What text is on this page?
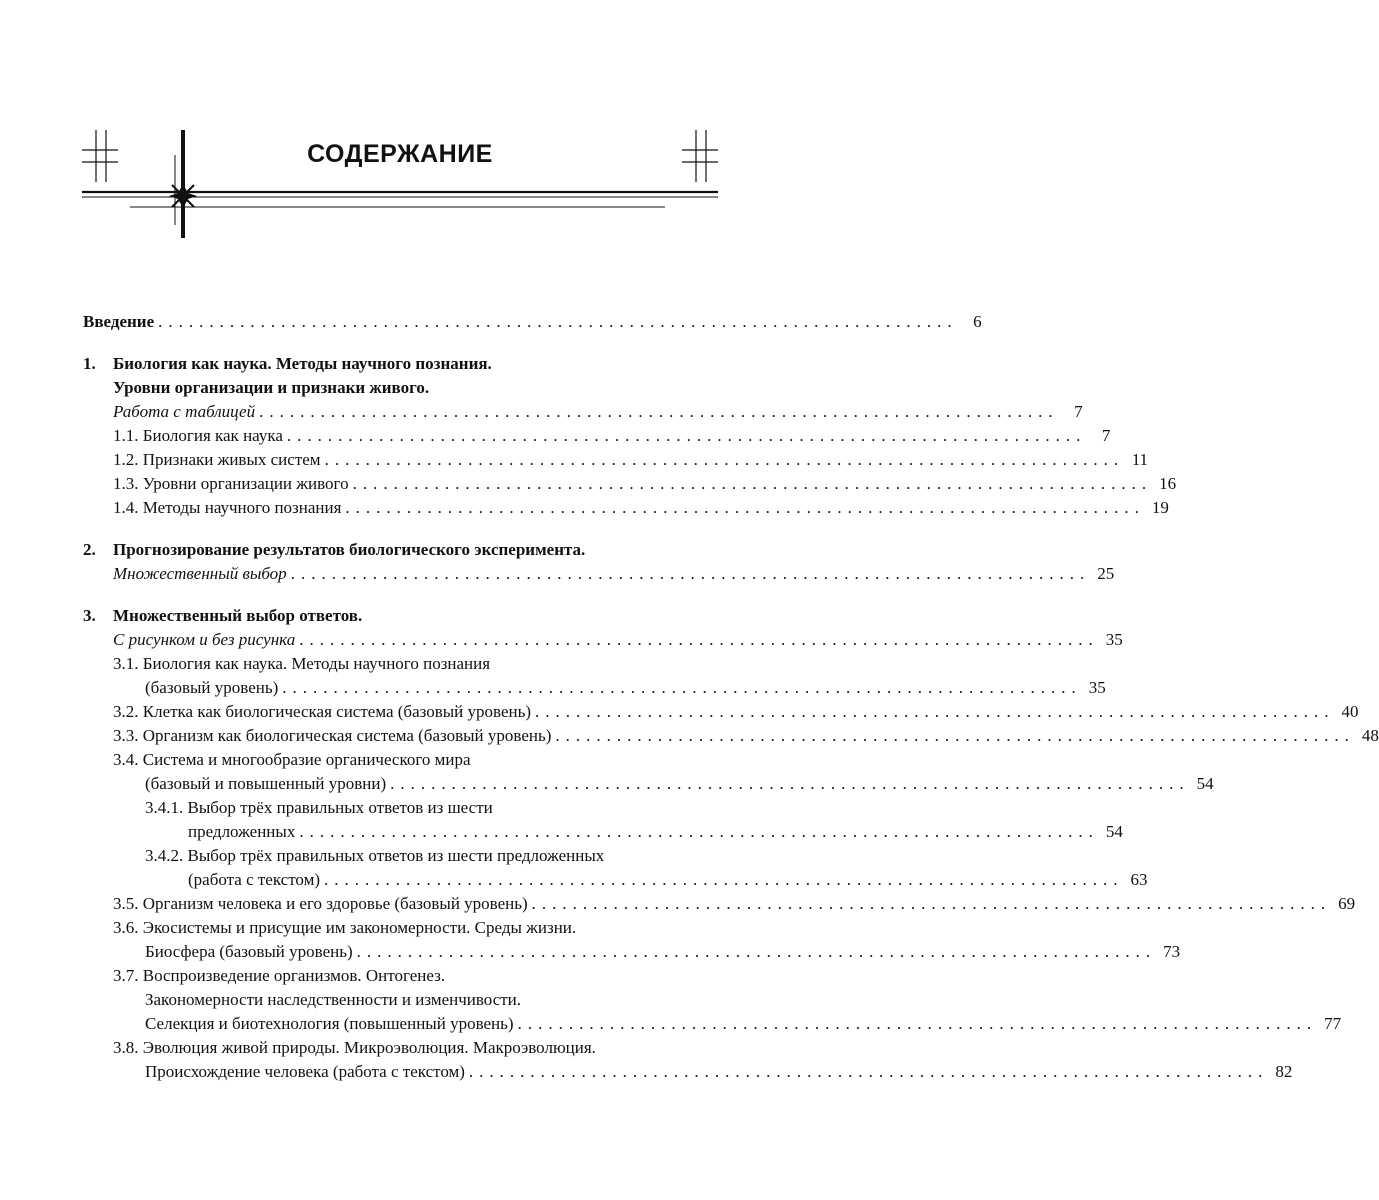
СОДЕРЖАНИЕ
Введение .............................................................................. 6
1. Биология как наука. Методы научного познания.
Уровни организации и признаки живого.
Работа с таблицей .............................................................................. 7
1.1. Биология как наука .............................................................................. 7
1.2. Признаки живых систем .............................................................................. 11
1.3. Уровни организации живого .............................................................................. 16
1.4. Методы научного познания .............................................................................. 19
2. Прогнозирование результатов биологического эксперимента.
Множественный выбор .............................................................................. 25
3. Множественный выбор ответов.
С рисунком и без рисунка .............................................................................. 35
3.1. Биология как наука. Методы научного познания
(базовый уровень) .............................................................................. 35
3.2. Клетка как биологическая система (базовый уровень) .............................................................................. 40
3.3. Организм как биологическая система (базовый уровень) .............................................................................. 48
3.4. Система и многообразие органического мира
(базовый и повышенный уровни) .............................................................................. 54
3.4.1. Выбор трёх правильных ответов из шести
предложенных .............................................................................. 54
3.4.2. Выбор трёх правильных ответов из шести предложенных
(работа с текстом) .............................................................................. 63
3.5. Организм человека и его здоровье (базовый уровень) .............................................................................. 69
3.6. Экосистемы и присущие им закономерности. Среды жизни.
Биосфера (базовый уровень) .............................................................................. 73
3.7. Воспроизведение организмов. Онтогенез.
Закономерности наследственности и изменчивости.
Селекция и биотехнология (повышенный уровень) .............................................................................. 77
3.8. Эволюция живой природы. Микроэволюция. Макроэволюция.
Происхождение человека (работа с текстом) .............................................................................. 82
